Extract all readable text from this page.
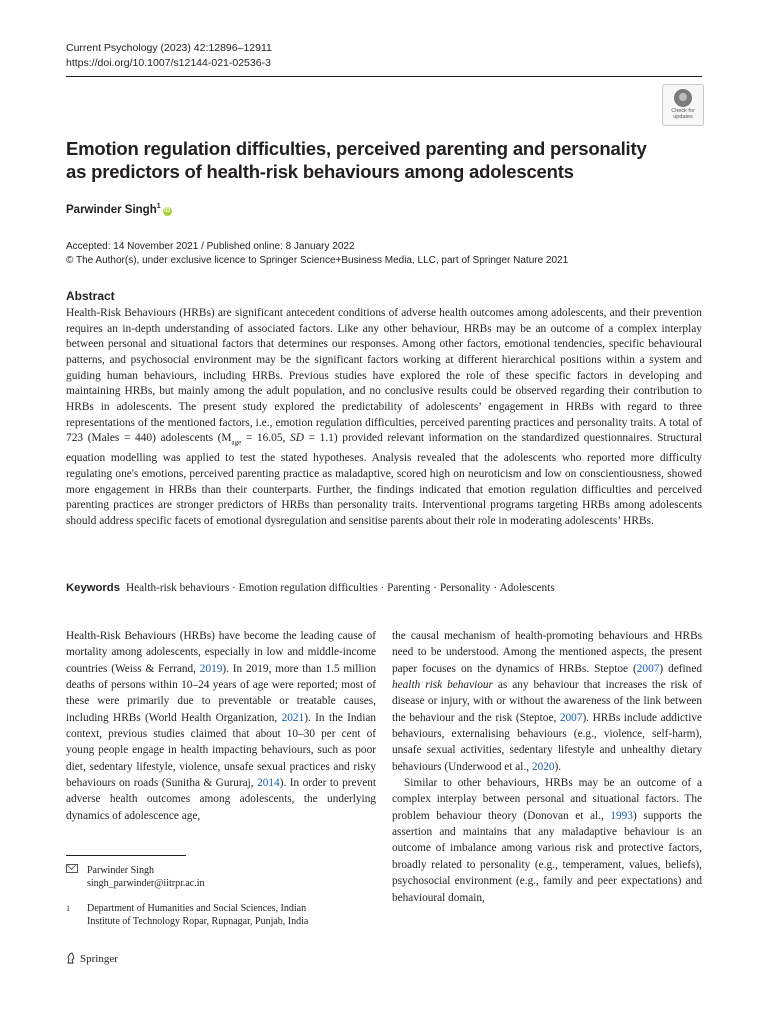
Current Psychology (2023) 42:12896–12911
https://doi.org/10.1007/s12144-021-02536-3
Check for updates
Emotion regulation difficulties, perceived parenting and personality
as predictors of health-risk behaviours among adolescents
Parwinder Singh$^1$iD
Accepted: 14 November 2021 / Published online: 8 January 2022
© The Author(s), under exclusive licence to Springer Science+Business Media, LLC, part of Springer Nature 2021
Abstract
Health-Risk Behaviours (HRBs) are significant antecedent conditions of adverse health outcomes among adolescents, and their prevention requires an in-depth understanding of associated factors. Like any other behaviour, HRBs may be an outcome of a complex interplay between personal and situational factors that determines our responses. Among other factors, emotional tendencies, specific behavioural patterns, and psychosocial environment may be the significant factors working at different hierarchical positions within a system and guiding human behaviours, including HRBs. Previous studies have explored the role of these specific factors in developing and maintaining HRBs, but mainly among the adult population, and no conclusive results could be observed regarding their contribution to HRBs in adolescents. The present study explored the predictability of adolescents’ engagement in HRBs with regard to three representations of the mentioned factors, i.e., emotion regulation difficulties, perceived parenting practices and personality traits. A total of 723 (Males = 440) adolescents ($M_{age} = 16.05$, SD = 1.1) provided relevant information on the standardized questionnaires. Structural equation modelling was applied to test the stated hypotheses. Analysis revealed that the adolescents who reported more difficulty regulating one's emotions, perceived parenting practice as maladaptive, scored high on neuroticism and low on conscientiousness, showed more engagement in HRBs than their counterparts. Further, the findings indicated that emotion regulation difficulties and perceived parenting practices are stronger predictors of HRBs than personality traits. Interventional programs targeting HRBs among adolescents should address specific facets of emotional dysregulation and sensitise parents about their role in moderating adolescents’ HRBs.
Keywords Health-risk behaviours · Emotion regulation difficulties · Parenting · Personality · Adolescents

Health-Risk Behaviours (HRBs) have become the leading cause of mortality among adolescents, especially in low and middle-income countries (Weiss & Ferrand, 2019). In 2019, more than 1.5 million deaths of persons within 10–24 years of age were reported; most of these were primarily due to preventable or treatable causes, including HRBs (World Health Organization, 2021). In the Indian context, previous studies claimed that about 10–30 per cent of young people engage in health impacting behaviours, such as poor diet, sedentary lifestyle, violence, unsafe sexual practices and risky behaviours on roads (Sunitha & Gururaj, 2014). In order to prevent adverse health outcomes among adolescents, the underlying dynamics of adolescence age,

the causal mechanism of health-promoting behaviours and HRBs need to be understood. Among the mentioned aspects, the present paper focuses on the dynamics of HRBs. Steptoe (2007) defined health risk behaviour as any behaviour that increases the risk of disease or injury, with or without the awareness of the link between the behaviour and the risk (Steptoe, 2007). HRBs include addictive behaviours, externalising behaviours (e.g., violence, self-harm), unsafe sexual activities, sedentary lifestyle and unhealthy dietary behaviours (Underwood et al., 2020).

Similar to other behaviours, HRBs may be an outcome of a complex interplay between personal and situational factors. The problem behaviour theory (Donovan et al., 1993) supports the assertion and maintains that any maladaptive behaviour is an outcome of imbalance among various risk and protective factors, broadly related to personality (e.g., temperament, values, beliefs), psychosocial environment (e.g., family and peer expectations) and behavioural domain,

Parwinder Singh
singh_parwinder@iitrpr.ac.in
1	Department of Humanities and Social Sciences, Indian
Institute of Technology Ropar, Rupnagar, Punjab, India
Springer
